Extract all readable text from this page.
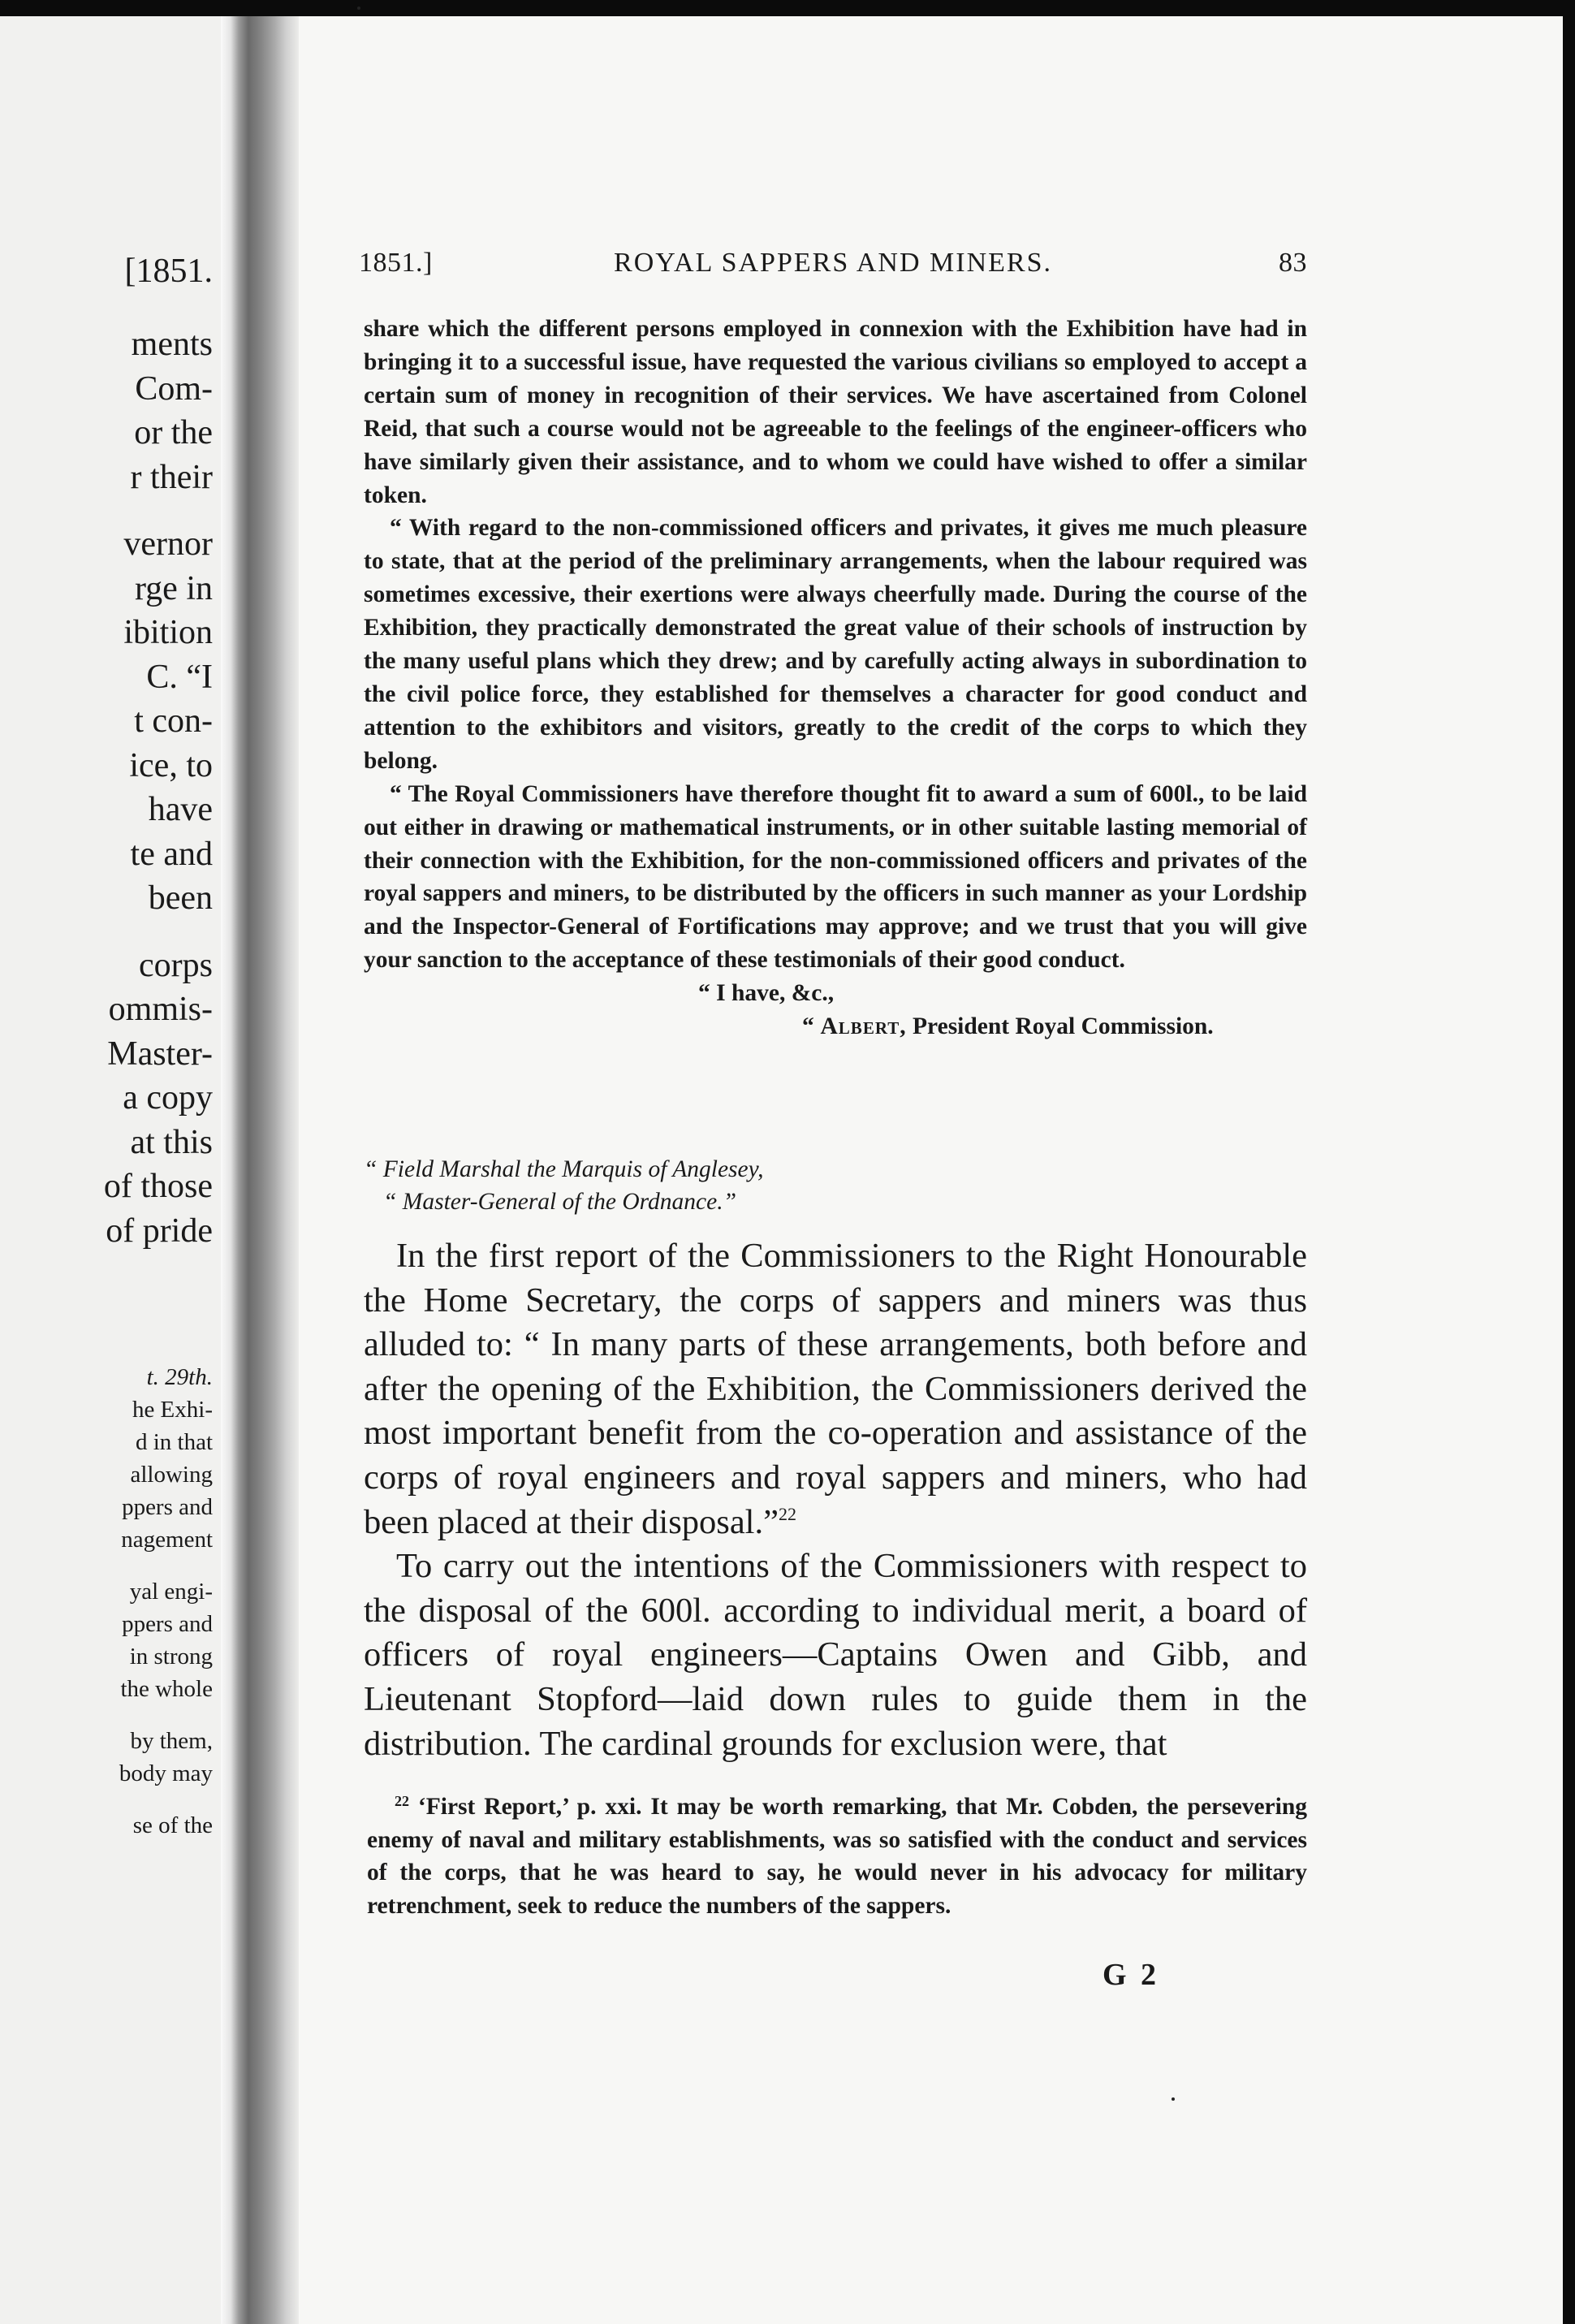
[1851.
ments
Com-
or the
r their
vernor
rge in
ibition
C. “I
t con-
ice, to
have
te and
been
corps
ommis-
Master-
a copy
at this
of those
of pride
t. 29th.
he Exhi-
d in that
allowing
ppers and
nagement
yal engi-
ppers and
in strong
the whole
by them,
body may
se of the
1851.]	ROYAL SAPPERS AND MINERS.	83

share which the different persons employed in connexion with the Exhibition have had in bringing it to a successful issue, have requested the various civilians so employed to accept a certain sum of money in recognition of their services. We have ascertained from Colonel Reid, that such a course would not be agreeable to the feelings of the engineer-officers who have similarly given their assistance, and to whom we could have wished to offer a similar token.

“ With regard to the non-commissioned officers and privates, it gives me much pleasure to state, that at the period of the preliminary arrangements, when the labour required was sometimes excessive, their exertions were always cheerfully made. During the course of the Exhibition, they practically demonstrated the great value of their schools of instruction by the many useful plans which they drew; and by carefully acting always in subordination to the civil police force, they established for themselves a character for good conduct and attention to the exhibitors and visitors, greatly to the credit of the corps to which they belong.

“ The Royal Commissioners have therefore thought fit to award a sum of 600l., to be laid out either in drawing or mathematical instruments, or in other suitable lasting memorial of their connection with the Exhibition, for the non-commissioned officers and privates of the royal sappers and miners, to be distributed by the officers in such manner as your Lordship and the Inspector-General of Fortifications may approve; and we trust that you will give your sanction to the acceptance of these testimonials of their good conduct.

“ I have, &c.,

“ Albert, President Royal Commission.

“ Field Marshal the Marquis of Anglesey,

“ Master-General of the Ordnance.”

In the first report of the Commissioners to the Right Honourable the Home Secretary, the corps of sappers and miners was thus alluded to: “ In many parts of these arrangements, both before and after the opening of the Exhibition, the Commissioners derived the most important benefit from the co-operation and assistance of the corps of royal engineers and royal sappers and miners, who had been placed at their disposal.”$^{22}$

To carry out the intentions of the Commissioners with respect to the disposal of the 600l. according to individual merit, a board of officers of royal engineers—Captains Owen and Gibb, and Lieutenant Stopford—laid down rules to guide them in the distribution. The cardinal grounds for exclusion were, that

$^{22}$ ‘First Report,’ p. xxi. It may be worth remarking, that Mr. Cobden, the persevering enemy of naval and military establishments, was so satisfied with the conduct and services of the corps, that he was heard to say, he would never in his advocacy for military retrenchment, seek to reduce the numbers of the sappers.

G 2
